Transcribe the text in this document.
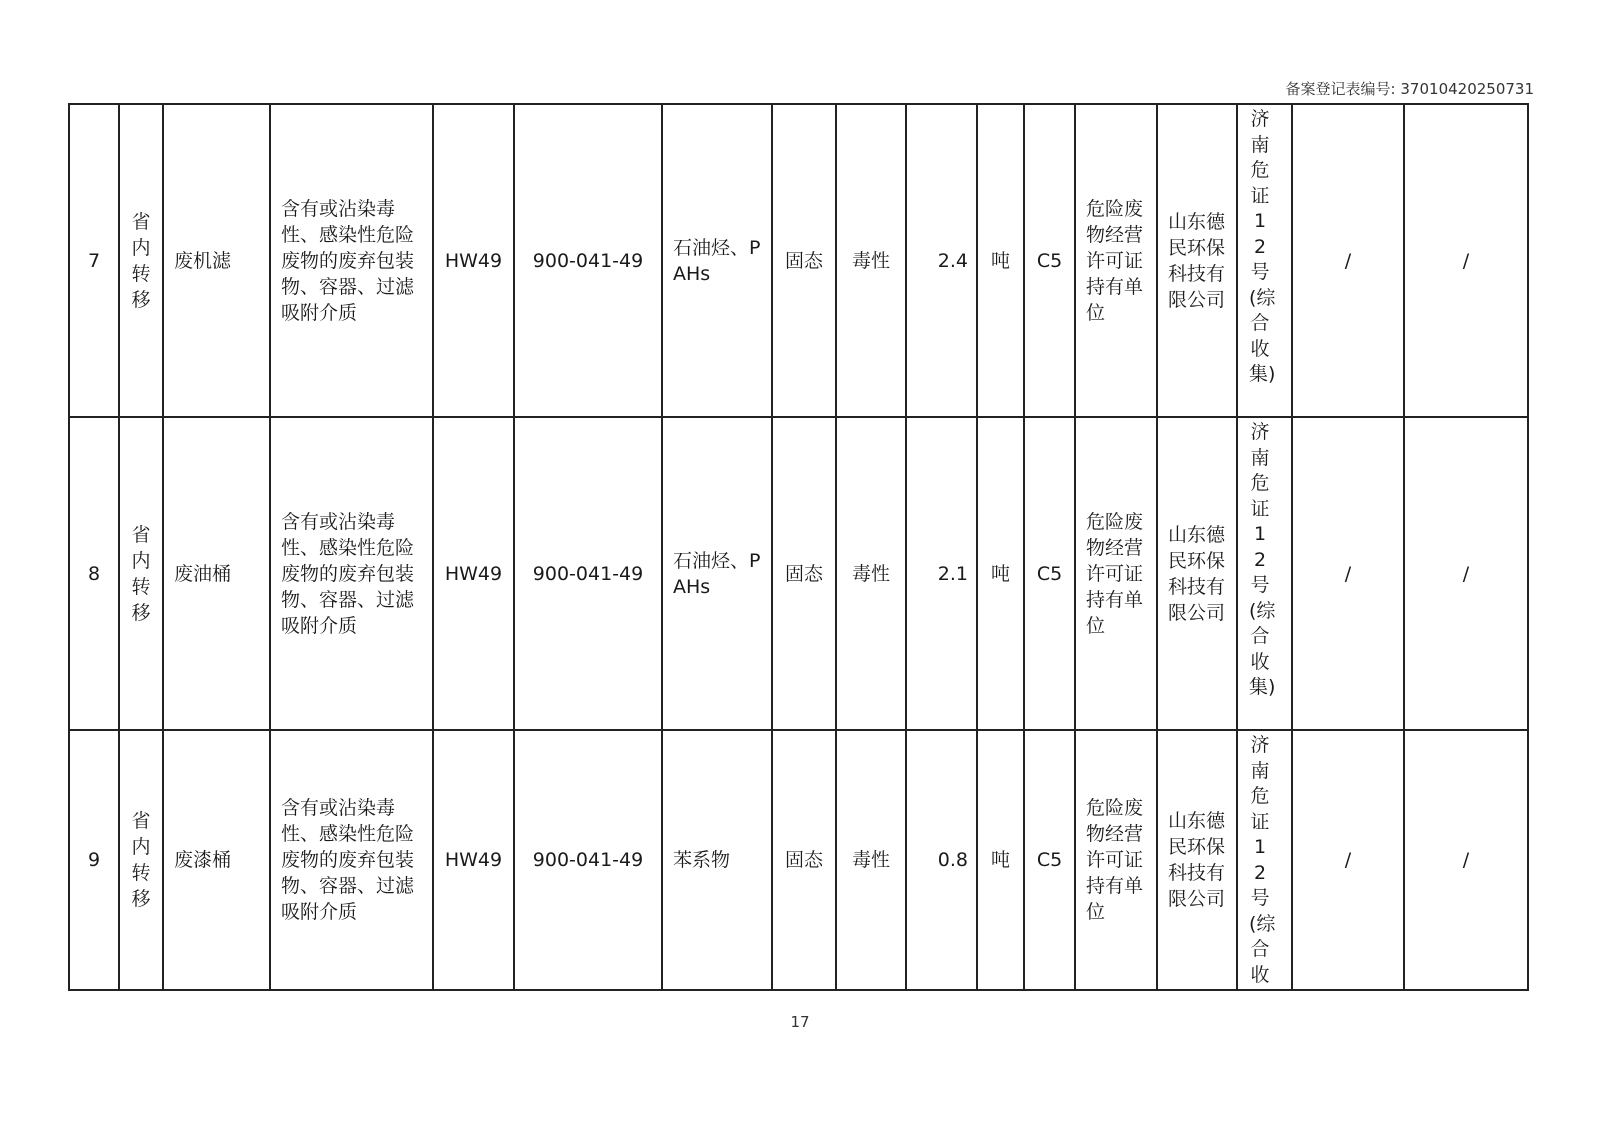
备案登记表编号: 37010420250731
7	省内转移	废机滤	含有或沾染毒性、感染性危险废物的废弃包装物、容器、过滤吸附介质	HW49	900-041-49	石油烃、PAHs	固态	毒性	2.4	吨	C5	危险废物经营许可证持有单位	山东德民环保科技有限公司	济南危证12号(综合收集)	/	/
8	省内转移	废油桶	含有或沾染毒性、感染性危险废物的废弃包装物、容器、过滤吸附介质	HW49	900-041-49	石油烃、PAHs	固态	毒性	2.1	吨	C5	危险废物经营许可证持有单位	山东德民环保科技有限公司	济南危证12号(综合收集)	/	/
9	省内转移	废漆桶	含有或沾染毒性、感染性危险废物的废弃包装物、容器、过滤吸附介质	HW49	900-041-49	苯系物	固态	毒性	0.8	吨	C5	危险废物经营许可证持有单位	山东德民环保科技有限公司	济南危证12号(综合收	/	/
17
